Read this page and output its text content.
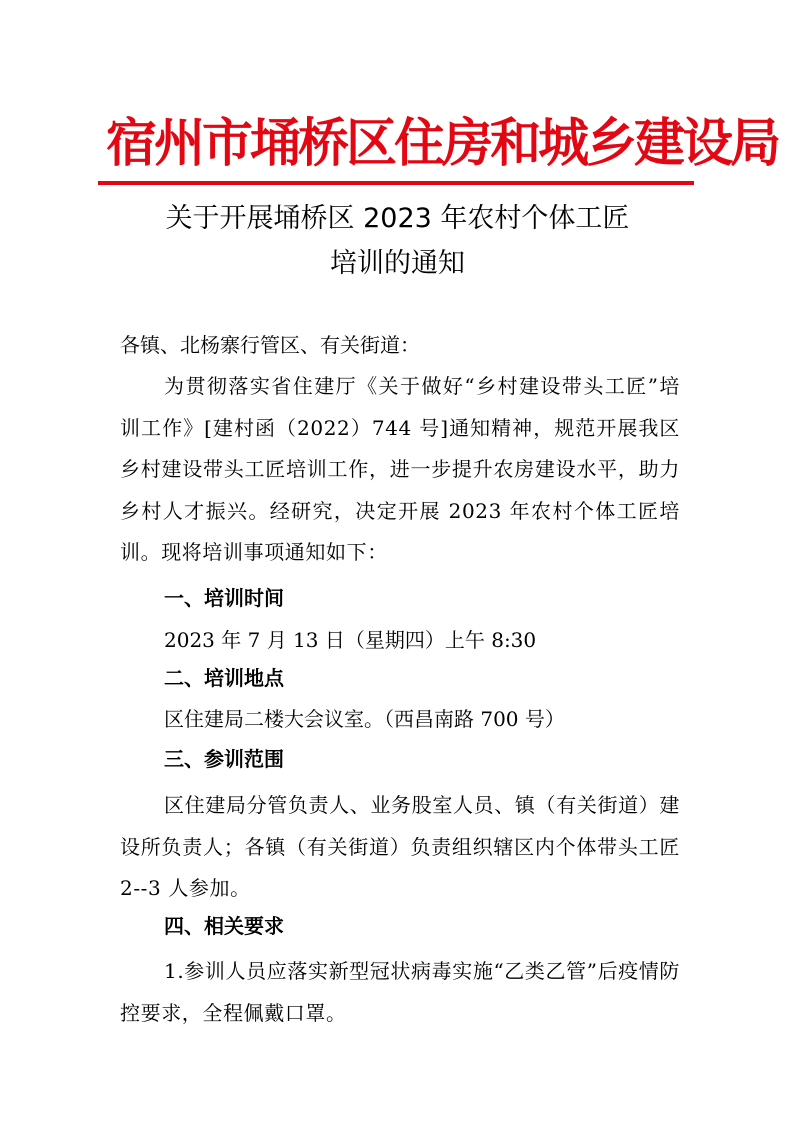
宿州市埇桥区住房和城乡建设局
关于开展埇桥区 2023 年农村个体工匠
培训的通知

各镇、北杨寨行管区、有关街道：

为贯彻落实省住建厅《关于做好“乡村建设带头工匠”培训工作》[建村函（2022）744 号]通知精神，规范开展我区乡村建设带头工匠培训工作，进一步提升农房建设水平，助力乡村人才振兴。经研究，决定开展 2023 年农村个体工匠培训。现将培训事项通知如下：

一、培训时间

2023 年 7 月 13 日（星期四）上午 8:30

二、培训地点

区住建局二楼大会议室。（西昌南路 700 号）

三、参训范围

区住建局分管负责人、业务股室人员、镇（有关街道）建设所负责人；各镇（有关街道）负责组织辖区内个体带头工匠 2--3 人参加。

四、相关要求

1.参训人员应落实新型冠状病毒实施“乙类乙管”后疫情防控要求，全程佩戴口罩。
